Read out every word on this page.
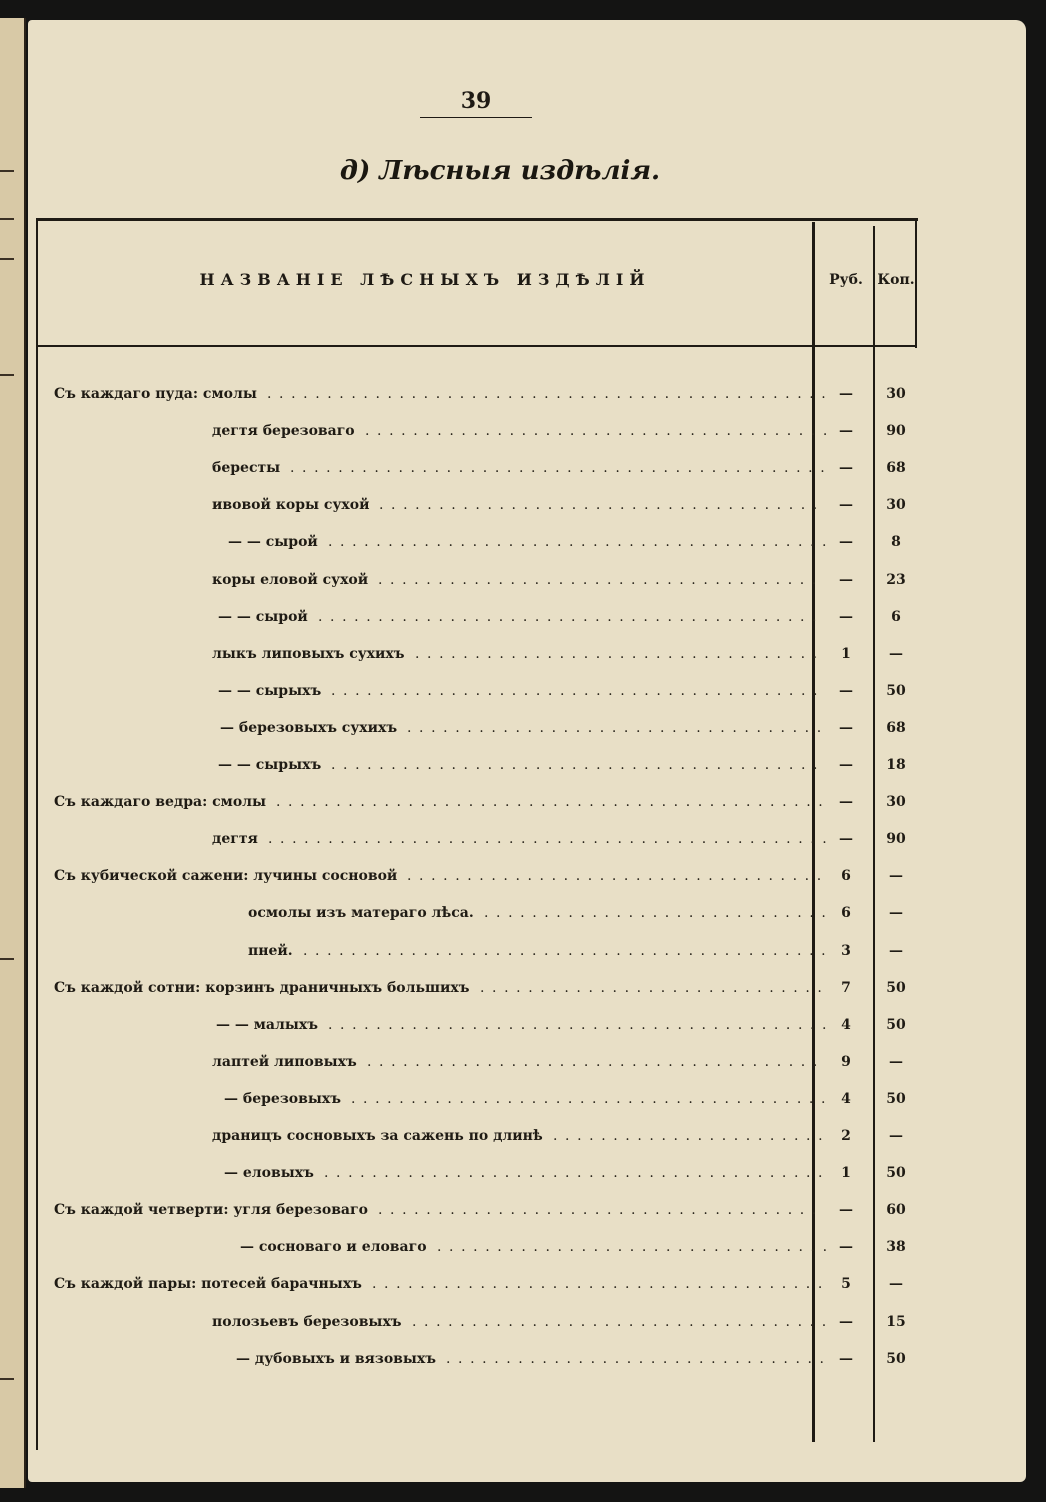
39
д) Лѣсныя издѣлія.
НАЗВАНІЕ ЛѢСНЫХЪ ИЗДѢЛІЙ	Руб.	Коп.
Съ каждаго пуда: смолы ............................................... —	30
дегтя березоваго ....................................... —	90
бересты ............................................. —	68
ивовой коры сухой .....................................	—	30
— — сырой .......................................... —	8
коры еловой сухой .....................................	—	23
— — сырой ..........................................	—	6
лыкъ липовыхъ сухихъ ..................................	1	—
— — сырыхъ ......................................... —	50
— березовыхъ сухихъ ................................... —	68
— — сырыхъ ......................................... —	18
Съ каждаго ведра: смолы .............................................. —	30
дегтя ............................................... —	90
Съ кубической сажени: лучины сосновой ................................... 6	—
осмолы изъ матераго лѣса. ............................. 6	—
пней. ............................................ 3	—
Съ каждой сотни: корзинъ драничныхъ большихъ ............................. 7	50
— — малыхъ .......................................... 4	50
лаптей липовыхъ ......................................	9	—
— березовыхъ ........................................ 4	50
драницъ сосновыхъ за сажень по длинѣ ....................... 2	—
— еловыхъ .......................................... 1	50
Съ каждой четверти: угля березоваго .....................................	—	60
— сосноваго и еловаго ................................. —	38
Съ каждой пары: потесей барачныхъ ...................................... 5	—
полозьевъ березовыхъ ................................... —	15
— дубовыхъ и вязовыхъ ................................ —	50
